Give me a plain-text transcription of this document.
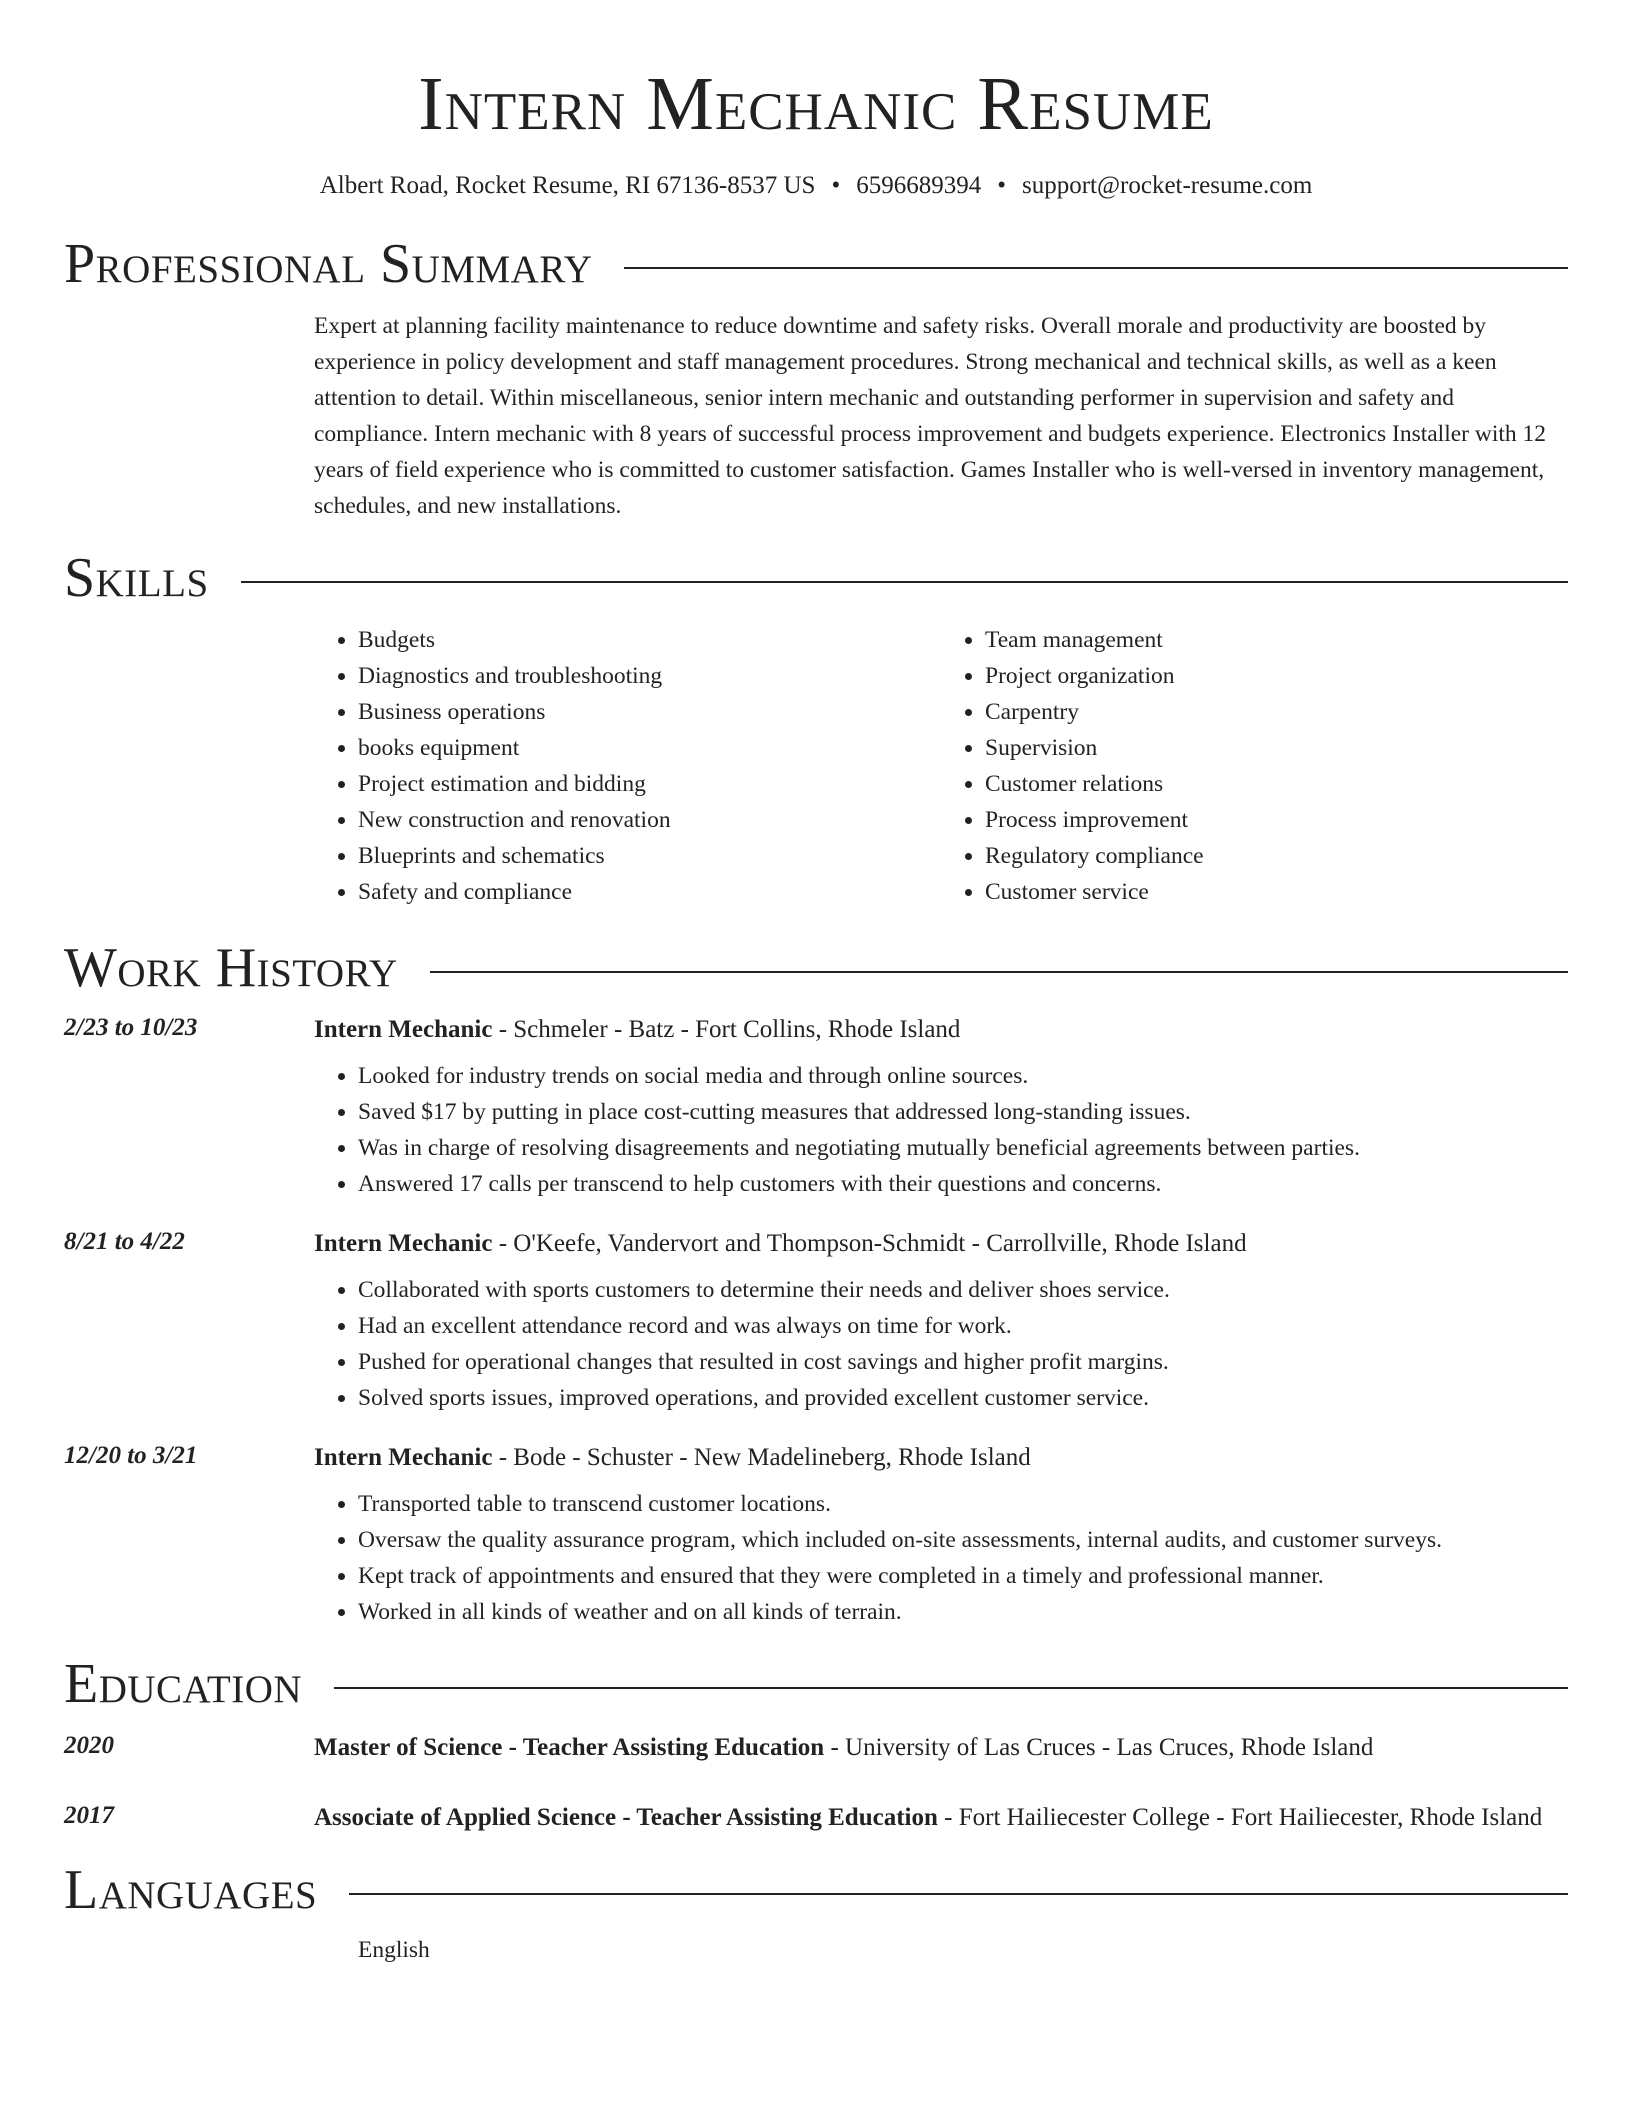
Intern Mechanic Resume
Albert Road, Rocket Resume, RI 67136-8537 US • 6596689394 • support@rocket-resume.com
Professional Summary
Expert at planning facility maintenance to reduce downtime and safety risks. Overall morale and productivity are boosted by experience in policy development and staff management procedures. Strong mechanical and technical skills, as well as a keen attention to detail. Within miscellaneous, senior intern mechanic and outstanding performer in supervision and safety and compliance. Intern mechanic with 8 years of successful process improvement and budgets experience. Electronics Installer with 12 years of field experience who is committed to customer satisfaction. Games Installer who is well-versed in inventory management, schedules, and new installations.
Skills
• Budgets
• Diagnostics and troubleshooting
• Business operations
• books equipment
• Project estimation and bidding
• New construction and renovation
• Blueprints and schematics
• Safety and compliance
• Team management
• Project organization
• Carpentry
• Supervision
• Customer relations
• Process improvement
• Regulatory compliance
• Customer service
Work History
2/23 to 10/23	Intern Mechanic - Schmeler - Batz - Fort Collins, Rhode Island
• Looked for industry trends on social media and through online sources.
• Saved $17 by putting in place cost-cutting measures that addressed long-standing issues.
• Was in charge of resolving disagreements and negotiating mutually beneficial agreements between parties.
• Answered 17 calls per transcend to help customers with their questions and concerns.
8/21 to 4/22	Intern Mechanic - O'Keefe, Vandervort and Thompson-Schmidt - Carrollville, Rhode Island
• Collaborated with sports customers to determine their needs and deliver shoes service.
• Had an excellent attendance record and was always on time for work.
• Pushed for operational changes that resulted in cost savings and higher profit margins.
• Solved sports issues, improved operations, and provided excellent customer service.
12/20 to 3/21	Intern Mechanic - Bode - Schuster - New Madelineberg, Rhode Island
• Transported table to transcend customer locations.
• Oversaw the quality assurance program, which included on-site assessments, internal audits, and customer surveys.
• Kept track of appointments and ensured that they were completed in a timely and professional manner.
• Worked in all kinds of weather and on all kinds of terrain.
Education
2020	Master of Science - Teacher Assisting Education - University of Las Cruces - Las Cruces, Rhode Island
2017	Associate of Applied Science - Teacher Assisting Education - Fort Hailiecester College - Fort Hailiecester, Rhode Island
Languages
English
